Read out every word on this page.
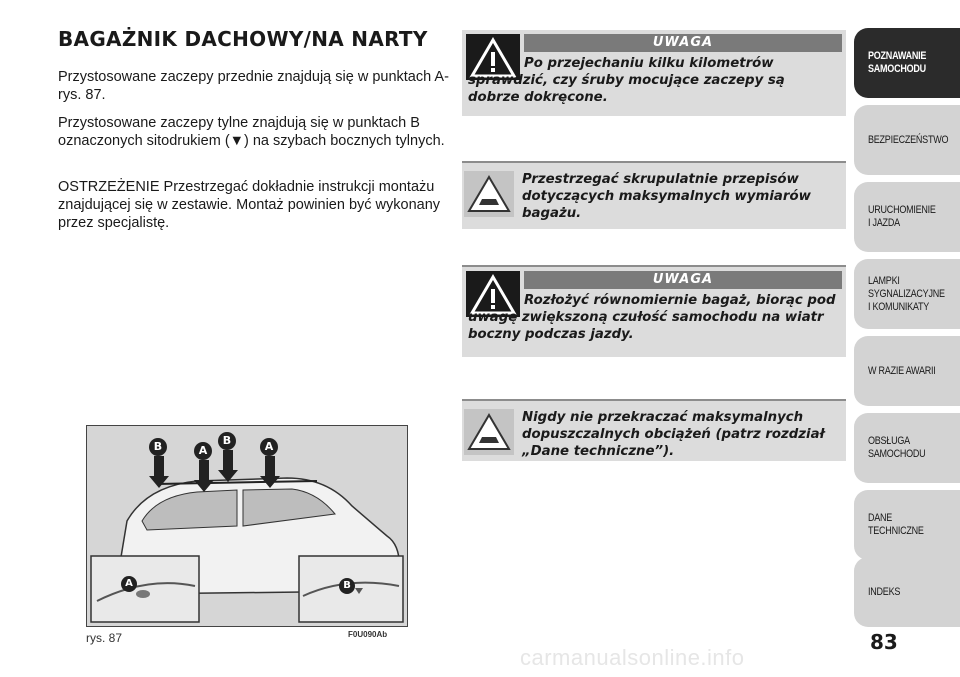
BAGAŻNIK DACHOWY/NA NARTY

Przystosowane zaczepy przednie znajdują się w punktach A-rys. 87.

Przystosowane zaczepy tylne znajdują się w punktach B oznaczonych sitodrukiem (▼) na szybach bocznych tylnych.

OSTRZEŻENIE Przestrzegać dokładnie instrukcji montażu znajdującej się w zestawie. Montaż powinien być wykonany przez specjalistę.

B	A
B	A
A	B
rys. 87	F0U090Ab
UWAGA

Po przejechaniu kilku kilometrów sprawdzić, czy śruby mocujące zaczepy są dobrze dokręcone.

Przestrzegać skrupulatnie przepisów dotyczących maksymalnych wymiarów bagażu.

UWAGA

Rozłożyć równomiernie bagaż, biorąc pod uwagę zwiększoną czułość samochodu na wiatr boczny podczas jazdy.

Nigdy nie przekraczać maksymalnych dopuszczalnych obciążeń (patrz rozdział „Dane techniczne”).

POZNAWANIE
SAMOCHODU
BEZPIECZEŃSTWO
URUCHOMIENIE
I JAZDA
LAMPKI
SYGNALIZACYJNE
I KOMUNIKATY
W RAZIE AWARII
OBSŁUGA
SAMOCHODU
DANE
TECHNICZNE
INDEKS
83
carmanualsonline.info
